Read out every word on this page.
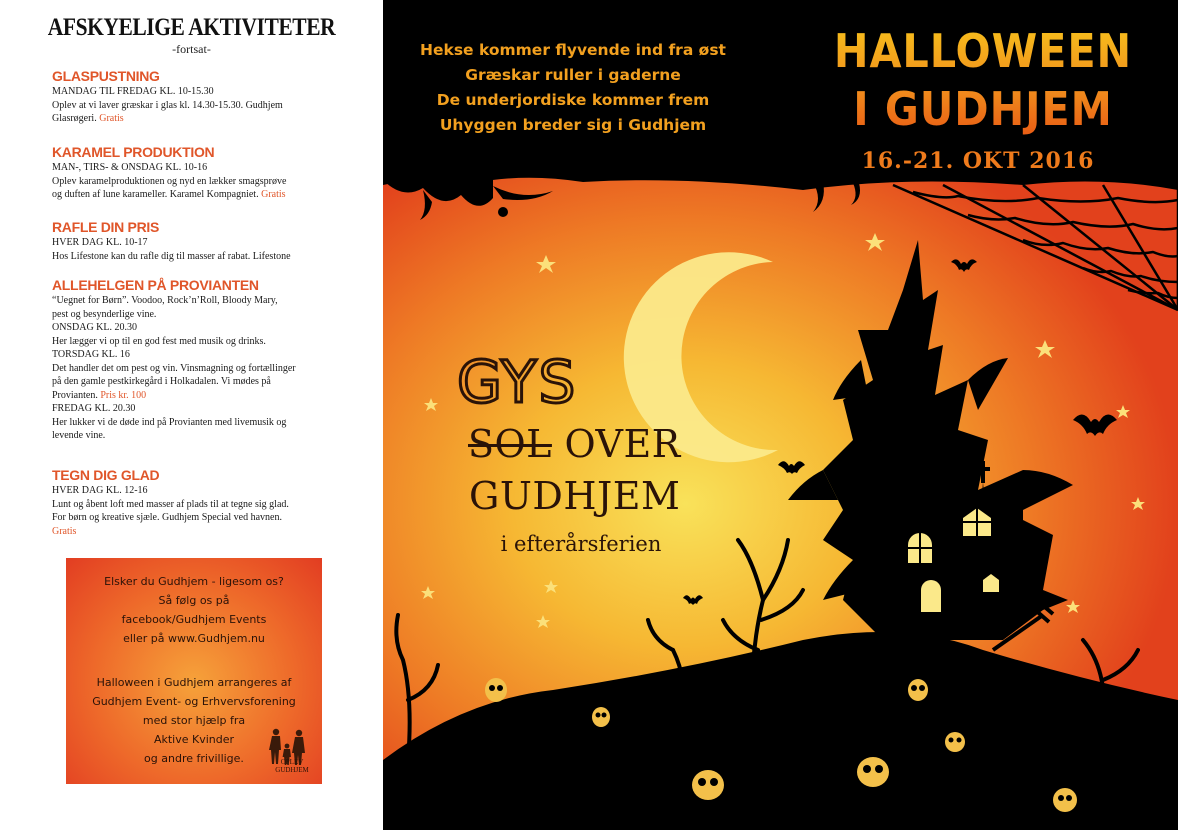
AFSKYELIGE AKTIVITETER
-fortsat-
GLASPUSTNING
MANDAG TIL FREDAG KL. 10-15.30
Oplev at vi laver græskar i glas kl. 14.30-15.30. Gudhjem
Glasrøgeri. Gratis
KARAMEL PRODUKTION
MAN-, TIRS- & ONSDAG KL. 10-16
Oplev karamelproduktionen og nyd en lækker smagsprøve
og duften af lune karameller. Karamel Kompagniet. Gratis
RAFLE DIN PRIS
HVER DAG KL. 10-17
Hos Lifestone kan du rafle dig til masser af rabat. Lifestone
ALLEHELGEN PÅ PROVIANTEN
“Uegnet for Børn”. Voodoo, Rock’n’Roll, Bloody Mary,
pest og besynderlige vine.
ONSDAG KL. 20.30
Her lægger vi op til en god fest med musik og drinks.
TORSDAG KL. 16
Det handler det om pest og vin. Vinsmagning og fortællinger
på den gamle pestkirkegård i Holkadalen. Vi mødes på
Provianten. Pris kr. 100
FREDAG KL. 20.30
Her lukker vi de døde ind på Provianten med livemusik og
levende vine.
TEGN DIG GLAD
HVER DAG KL. 12-16
Lunt og åbent loft med masser af plads til at tegne sig glad.
For børn og kreative sjæle. Gudhjem Special ved havnen.
Gratis
Elsker du Gudhjem - ligesom os?
Så følg os på
facebook/Gudhjem Events
eller på www.Gudhjem.nu
Halloween i Gudhjem arrangeres af
Gudhjem Event- og Erhvervsforening
med stor hjælp fra
Aktive Kvinder
og andre frivillige.	OPLEV
GUDHJEM
Hekse kommer flyvende ind fra øst
Græskar ruller i gaderne
De underjordiske kommer frem
Uhyggen breder sig i Gudhjem
HALLOWEEN
I GUDHJEM
16.-21. OKT 2016
GYS
SOL OVER
GUDHJEM
i efterårsferien
